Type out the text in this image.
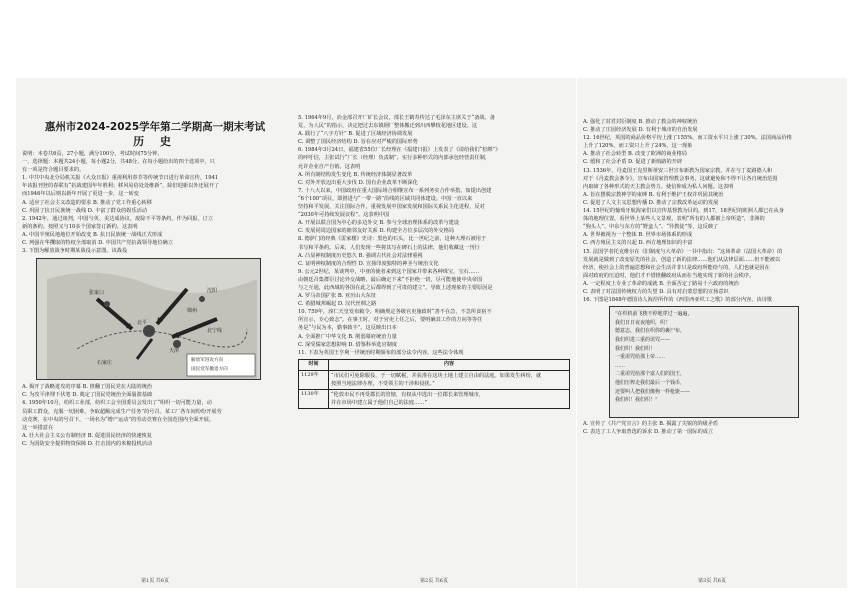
惠州市2024-2025学年第二学期高一期末考试
历 史
说明：本卷共6页，27小题，满分100分，考试时间75分钟。
一、选择题：本题共24小题，每小题2分，共48分。在每小题给出的四个选项中，只
有一项是符合题目要求的。
1. 中共中央北分局机关报《大众日报》重视利用春节等传统节日进行革命宣传。1941
年该报刊登的春联有“抗战建国年年胜利；移风易俗处处维新”，除旧迎新以外还展开了
而1946年以后则以新年开展了更进一步，这一转变
A. 适应了社会主义改造的要求 B. 推动了党工作重心转移
C. 巩固了抗日民族统一战线 D. 丰富了群众的娱乐活动
2. 1942年，通过谈判，中国与英、美达成协议，废除不平等条约。作为回报，订立
新的条约。按照又与10多个国家签订新约。这表明
A. 中国半殖民地地位开始改变 B. 抗日民族统一战线正式形成
C. 列强在华攫取的特权全部取消 D. 中国共产党抗战领导地位确立
3. 下图为解放战争时期某战役示意图。该战役
北平
天津
张家口
石家庄
沈阳
锦州
北宁线
解放军进攻方向
国民党军撤退方向
A. 揭开了战略进攻的序幕 B. 推翻了国民党在大陆的统治
C. 为攻平津埋下伏笔 D. 奠定了国民党统治全面崩溃基础
4. 1950年10月，纺织工业部，纺织工会全国委员会发出了“组织一切可能力量，动
员职工群众，克服一切困难，争取超额完成生产任务”的号召。某工厂各车间纷纷开展劳
动竞赛，在中央的号召下，一场名为“增产运动”的劳动竞赛在全国范围内全面开展。
这一举措意在
A. 壮大社会主义公有制经济 B. 促进国民经济的快速恢复
C. 为国防安全提供物资保障 D. 打击国内的米棉投机活动
第1页 共6页
5. 1964年9月，冶金部召开厂矿长会议，部长王鹤寿传达了毛泽东主席关于“备战、备
荒、为人民”的指示，决定把过去东镇钢厂整体搬迁到川西攀枝花地区建设。这
A. 践行了“八字方针” B. 促进了区域经济协调发展
C. 调整了国民经济结构 D. 旨在应对严峻的国际形势
6. 1984年3月24日，福建省55位厂长经理在《福建日报》上发表了《请给我们“松绑”》
的呼吁信，主张试行“厂长（经理）负责制”，实行多种形式的内部承包经营责任制，
允许企业自产自销。这表明
A. 所有制结构发生变化 B. 传统经济体制显著改革
C. 对外开放迈出重大步伐 D. 国有企业改革不断深化
7. 十八大以来，中国政府在重大国际场合相继宣布一系列务实合作举措。如提出创建
“6个100”项目，即推进与“一带一路”沿线的区域共同体建设。中国一直以来
坚持和平发展，关注国际合作。重视发展中国家发展和国际关系民主化进程，反对
“2030年可持续发展议程”。这表明中国
A. 开展以联合国为中心的多边外交 B. 参与全球治理体系的改革与建设
C. 发展同周边国家的睦邻友好关系 D. 构建全方位多层次的外交格局
8. 德萨门的经典《雷家楼》史诗：黑色的石头，比一世纪之前，这种大理石被用于
书写和平条约。后来，人们发现一些将其写在碑石上的法律，他们收藏这一刊行
A. 凸显神权制度历史悠久 B. 强调古代社会对法律重视
C. 证明神权制度的合理性 D. 宣扬印度独特的神圣与统治文化
9. 公元2世纪，某谈判中，中亚的使者来到这个国家并带来各种珠宝，宝石……
由朝廷召集群臣讨论外交战略，最后确定下来“不拒绝一切，尽可能地使中央帝国
与之互通，此西域的各国在此之后都得到了可贵的建立”。导致上述现象的主要原因是
A. 罗马帝国扩张 B. 亚历山大东征
C. 希腊城邦崛起 D. 汉代丝绸之路
10. 759年，淳仁天皇发布敕令，明确规定各级官吏施政时“善不在急，不急所食宿不
所宣示，专心致志”。在事王时，对于官吏上任之后，要明确其工作的方向等等任
务是“与民为本，勤事致丰”。这反映出日本
A. 全面推广中华文化 B. 削弱幕府统治力量
C. 深受儒家思想影响 D. 借鉴科举选官制度
11. 下表为英国王亨利一世统治时期颁布的部分法令内容。这些法令体现
时间	内容
1129年	“市民们可免除服役、于一切赋税，并获准在这块土地上建立自由的法庭。如果发生纠纷，就
按照当地法律办理，不受领主的干涉和侵扰。”

1130年	“伦敦市民不再受郡长的管辖，有权从中选出一位郡长来管理城市，
并在市场中建立属于他们自己的法庭……”
第2页 共6页
A. 强化了封君封臣制度 B. 推动了教会的神权统治
C. 推动了庄园经济发展 D. 有利于城市的自治发展
12. 16世纪，英国的商品价格平均上涨了155%，而工资水平只上涨了30%。法国商品价格
上升了120%，而工资只上升了24%，这一现象
A. 推动了社会转型 B. 改变了欧洲的商业格局
C. 缓和了社会矛盾 D. 促进了新航路的开辟
13. 1536年，丹麦国王克里斯蒂安三世宣布新教为国家宗教，并在与丁麦路德人和
对于《丹麦教会条令》，宣布由国家管理教会事务，这就避免和不得不让各自统治范围
内取缔了各种形式的天主教会势力。使信仰成为私人问题。这表明
A. 旨在摆脱宗教神学的束缚 B. 有利于维护王权并巩固其统治
C. 促进了人文主义思想传播 D. 推动了宗教改革运动的发展
14. 15世纪的葡萄牙航海家们以宣传基督教为目的，到17、18世纪的欧洲人都已在从身
体的地理位置，看世界上某些人文景观，表明“所有的人都被上帝所造”，非洲的
“狗头人”、中东与东方的“野蛮人”、“异教徒”等，这反映了
A. 世界被视为一个整体 B. 世界市场体系的形成
C. 西方殖民主义的兴起 D. 西方地理知识的丰富
15. 法国学者托克维尔在《旧制度与大革命》一书中指出：“这场革命（法国大革命）的
发展就是做到了改变原先的社会，创造了新的法律……他们从法律层面……但不能被以
经济，使社会上的普遍思想和社会生活并非只是政府所能给与的，人们也就是因在
面对政府的压迫时，他们才不惜推翻政府从而在当地实现了新的社会秩序。
A. 一定程度上专业了革命的成就 B. 全面否定了路易十六政府的统治
C. 表明了对法国传统权力的失望 D. 具有对启蒙思想的宣扬意识
16. 下图是1848年德国诗人海涅所作的《西里西亚织工之歌》的部分内容。该诗歌
“在织机前飞梭不停地穿过一遍遍，
我们日日夜夜地织，织！
德意志，我们在织你的裹尸布，
我们织进三重的诅咒——
我们织！我们织！
一重诅咒给那上帝……
……
二重诅咒给那个富人们的国王，
他们压榨走我们最后一个钱币，
还要叫人把我们像狗一样枪毙——
我们织！我们织！”
A. 宣传了《共产党宣言》的主张 B. 揭露了尖锐的阶级矛盾
C. 表达了工人争取普选的诉求 D. 推动了第一国际的成立
第3页 共6页
